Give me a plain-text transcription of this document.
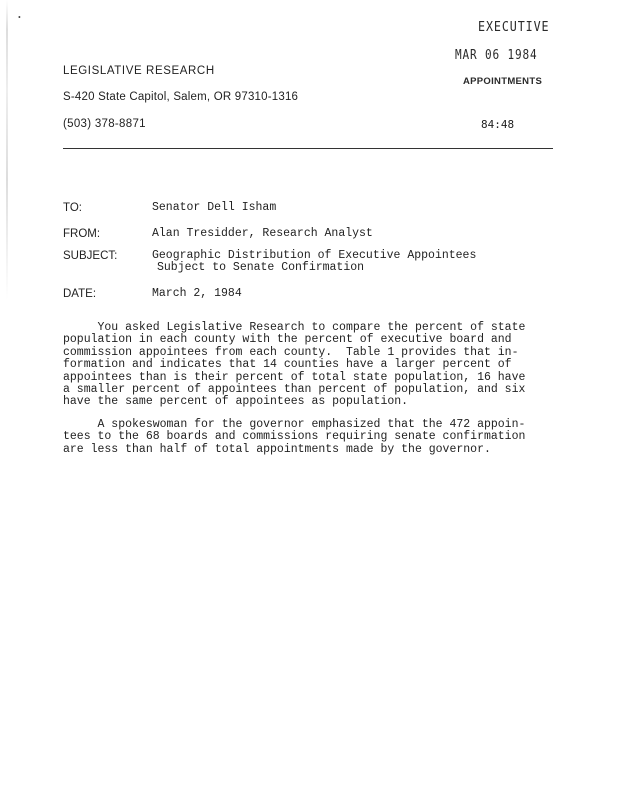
•
EXECUTIVE
MAR 06 1984
APPOINTMENTS
LEGISLATIVE RESEARCH
S-420 State Capitol, Salem, OR 97310-1316
(503) 378-8871	84:48
TO:	Senator Dell Isham
FROM:	Alan Tresidder, Research Analyst
SUBJECT:	Geographic Distribution of Executive Appointees
Subject to Senate Confirmation
DATE:	March 2, 1984
You asked Legislative Research to compare the percent of state
population in each county with the percent of executive board and
commission appointees from each county.  Table 1 provides that in-
formation and indicates that 14 counties have a larger percent of
appointees than is their percent of total state population, 16 have
a smaller percent of appointees than percent of population, and six
have the same percent of appointees as population.
A spokeswoman for the governor emphasized that the 472 appoin-
tees to the 68 boards and commissions requiring senate confirmation
are less than half of total appointments made by the governor.
